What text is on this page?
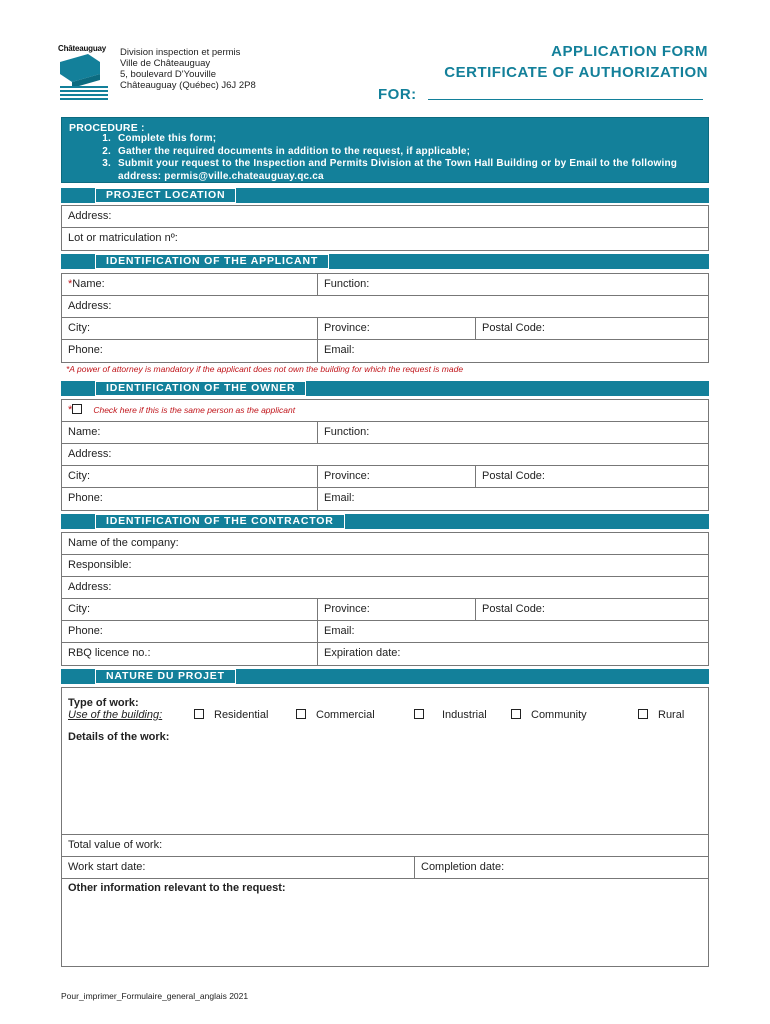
Châteauguay Division inspection et permis
Ville de Châteauguay
5, boulevard D'Youville
Châteauguay (Québec) J6J 2P8
APPLICATION FORM
CERTIFICATE OF AUTHORIZATION
FOR:
PROCEDURE :
1. Complete this form;
2. Gather the required documents in addition to the request, if applicable;
3. Submit your request to the Inspection and Permits Division at the Town Hall Building or by Email to the following address: permis@ville.chateauguay.qc.ca
PROJECT LOCATION
Address:
Lot or matriculation nº:
IDENTIFICATION OF THE APPLICANT
*Name:	Function:
Address:
City:	Province:	Postal Code:
Phone:	Email:
*A power of attorney is mandatory if the applicant does not own the building for which the request is made
IDENTIFICATION OF THE OWNER
* Check here if this is the same person as the applicant
Name:	Function:
Address:
City:	Province:	Postal Code:
Phone:	Email:
IDENTIFICATION OF THE CONTRACTOR
Name of the company:
Responsible:
Address:
City:	Province:	Postal Code:
Phone:	Email:
RBQ licence no.:	Expiration date:
NATURE DU PROJET
Type of work:
Use of the building:	Residential	Commercial	Industrial	Community	Rural
Details of the work:
Total value of work:
Work start date:	Completion date:
Other information relevant to the request:
Pour_imprimer_Formulaire_general_anglais 2021
